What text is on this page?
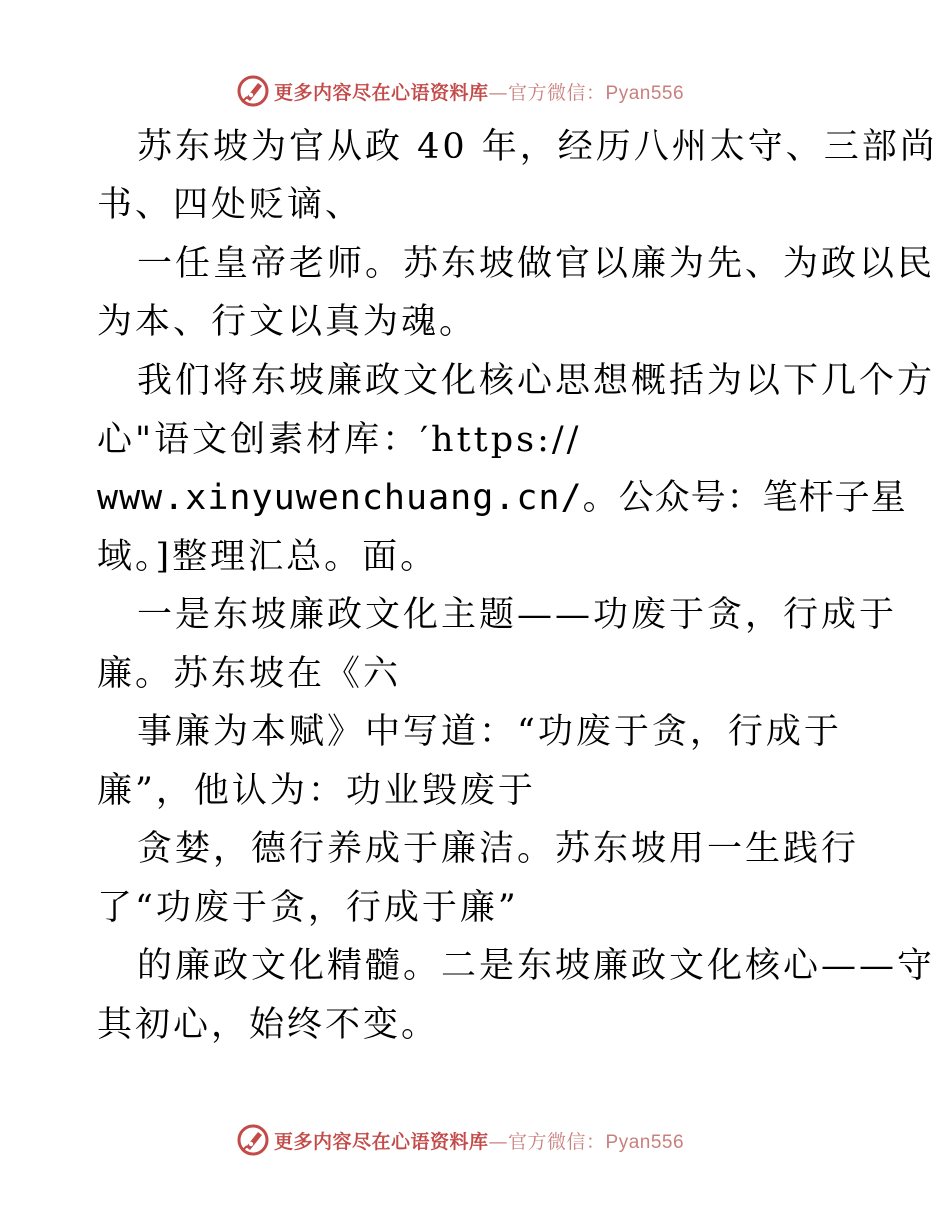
更多内容尽在心语资料库—官方微信：Pyan556
苏东坡为官从政 40 年，经历八州太守、三部尚
书、四处贬谪、
一任皇帝老师。苏东坡做官以廉为先、为政以民
为本、行文以真为魂。
我们将东坡廉政文化核心思想概括为以下几个方
心"语文创素材库：′https://
www.xinyuwenchuang.cn/。公众号：笔杆子星
域。]整理汇总。面。
一是东坡廉政文化主题——功废于贪，行成于
廉。苏东坡在《六
事廉为本赋》中写道：“功废于贪，行成于
廉”，他认为：功业毁废于
贪婪，德行养成于廉洁。苏东坡用一生践行
了“功废于贪，行成于廉”
的廉政文化精髓。二是东坡廉政文化核心——守
其初心，始终不变。
更多内容尽在心语资料库—官方微信：Pyan556
